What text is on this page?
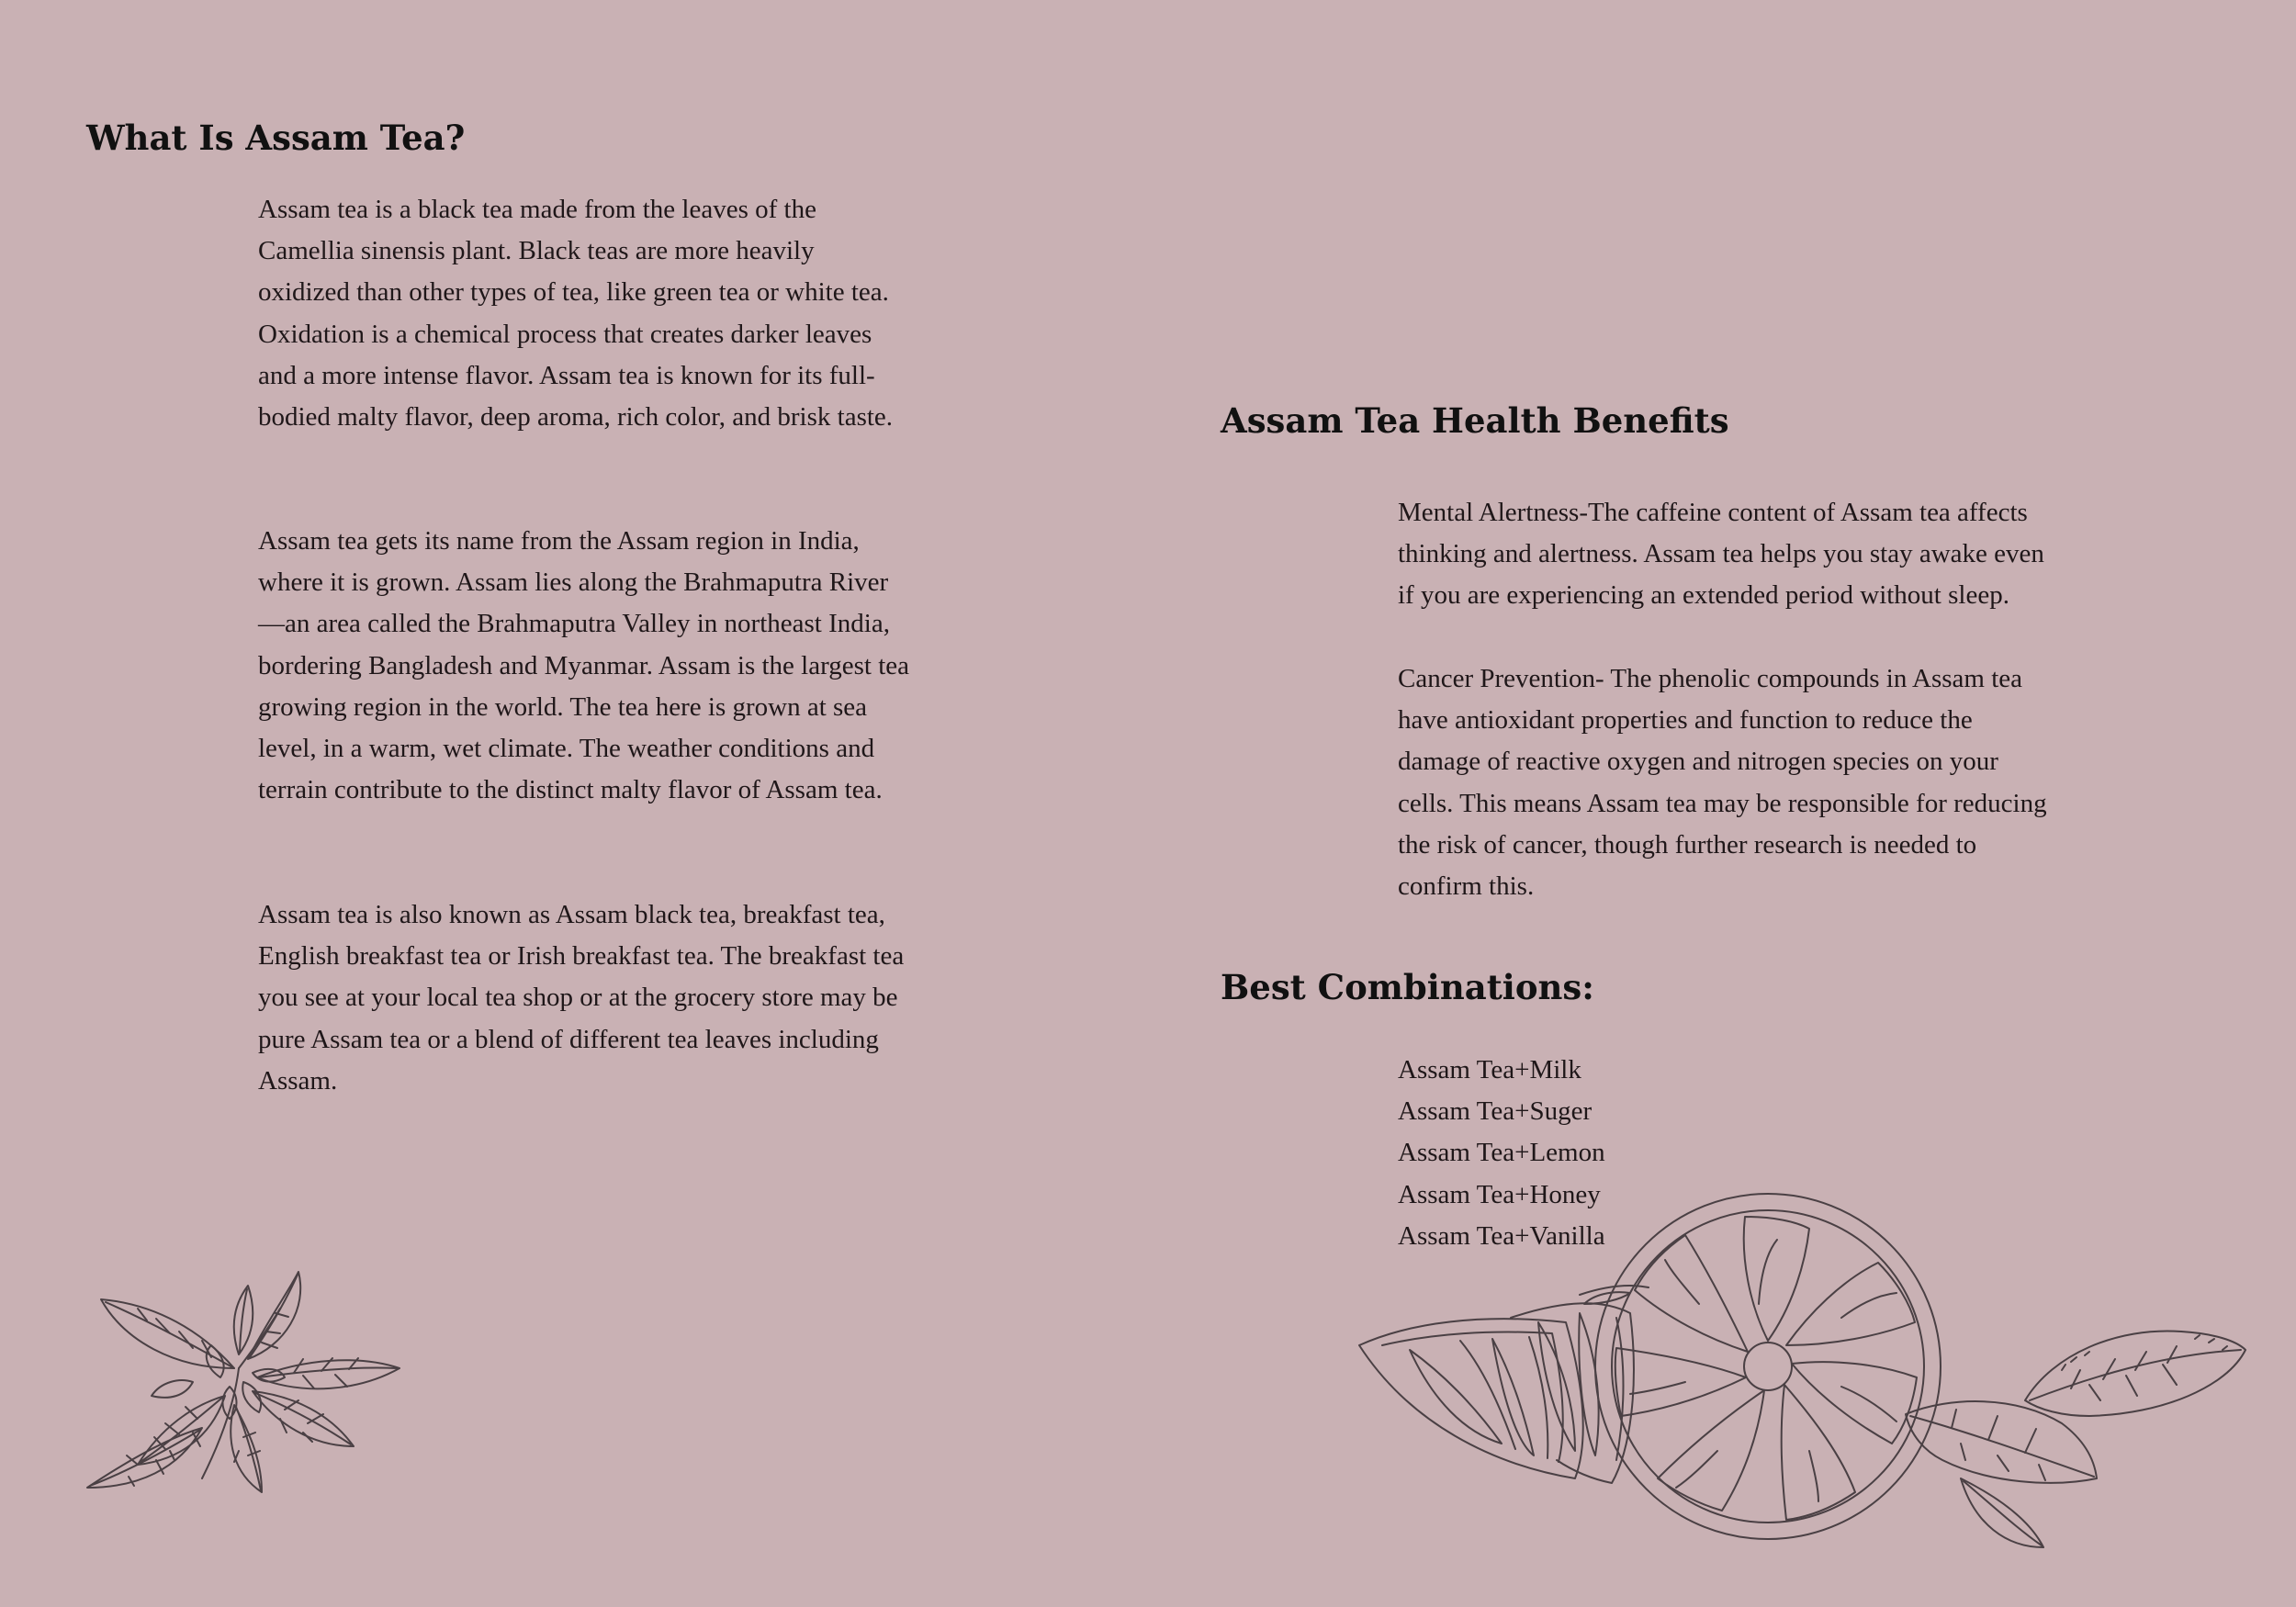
What Is Assam Tea?

Assam tea is a black tea made from the leaves of the Camellia sinensis plant. Black teas are more heavily oxidized than other types of tea, like green tea or white tea. Oxidation is a chemical process that creates darker leaves and a more intense flavor. Assam tea is known for its full-bodied malty flavor, deep aroma, rich color, and brisk taste.

Assam tea gets its name from the Assam region in India, where it is grown. Assam lies along the Brahmaputra River—an area called the Brahmaputra Valley in northeast India, bordering Bangladesh and Myanmar. Assam is the largest tea growing region in the world. The tea here is grown at sea level, in a warm, wet climate. The weather conditions and terrain contribute to the distinct malty flavor of Assam tea.

Assam tea is also known as Assam black tea, breakfast tea, English breakfast tea or Irish breakfast tea. The breakfast tea you see at your local tea shop or at the grocery store may be pure Assam tea or a blend of different tea leaves including Assam.

Assam Tea Health Benefits

Mental Alertness-The caffeine content of Assam tea affects thinking and alertness. Assam tea helps you stay awake even if you are experiencing an extended period without sleep.

Cancer Prevention- The phenolic compounds in Assam tea have antioxidant properties and function to reduce the damage of reactive oxygen and nitrogen species on your cells. This means Assam tea may be responsible for reducing the risk of cancer, though further research is needed to confirm this.

Best Combinations:
Assam Tea+Milk
Assam Tea+Suger
Assam Tea+Lemon
Assam Tea+Honey
Assam Tea+Vanilla
